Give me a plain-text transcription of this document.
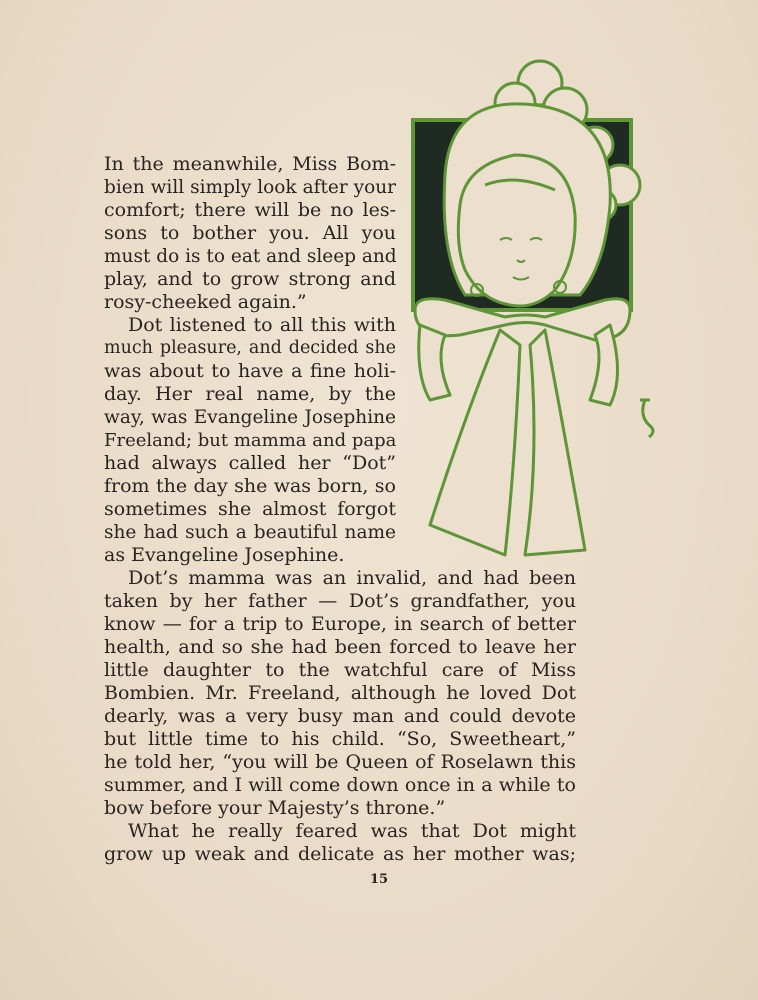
In the meanwhile, Miss Bom-
bien will simply look after your
comfort; there will be no les-
sons to bother you. All you
must do is to eat and sleep and
play, and to grow strong and
rosy-cheeked again.”
Dot listened to all this with
much pleasure, and decided she
was about to have a fine holi-
day. Her real name, by the
way, was Evangeline Josephine
Freeland; but mamma and papa
had always called her “Dot”
from the day she was born, so
sometimes she almost forgot
she had such a beautiful name
as Evangeline Josephine.
Dot’s mamma was an invalid, and had been
taken by her father — Dot’s grandfather, you
know — for a trip to Europe, in search of better
health, and so she had been forced to leave her
little daughter to the watchful care of Miss
Bombien. Mr. Freeland, although he loved Dot
dearly, was a very busy man and could devote
but little time to his child. “So, Sweetheart,”
he told her, “you will be Queen of Roselawn this
summer, and I will come down once in a while to
bow before your Majesty’s throne.”
What he really feared was that Dot might
grow up weak and delicate as her mother was;
15
